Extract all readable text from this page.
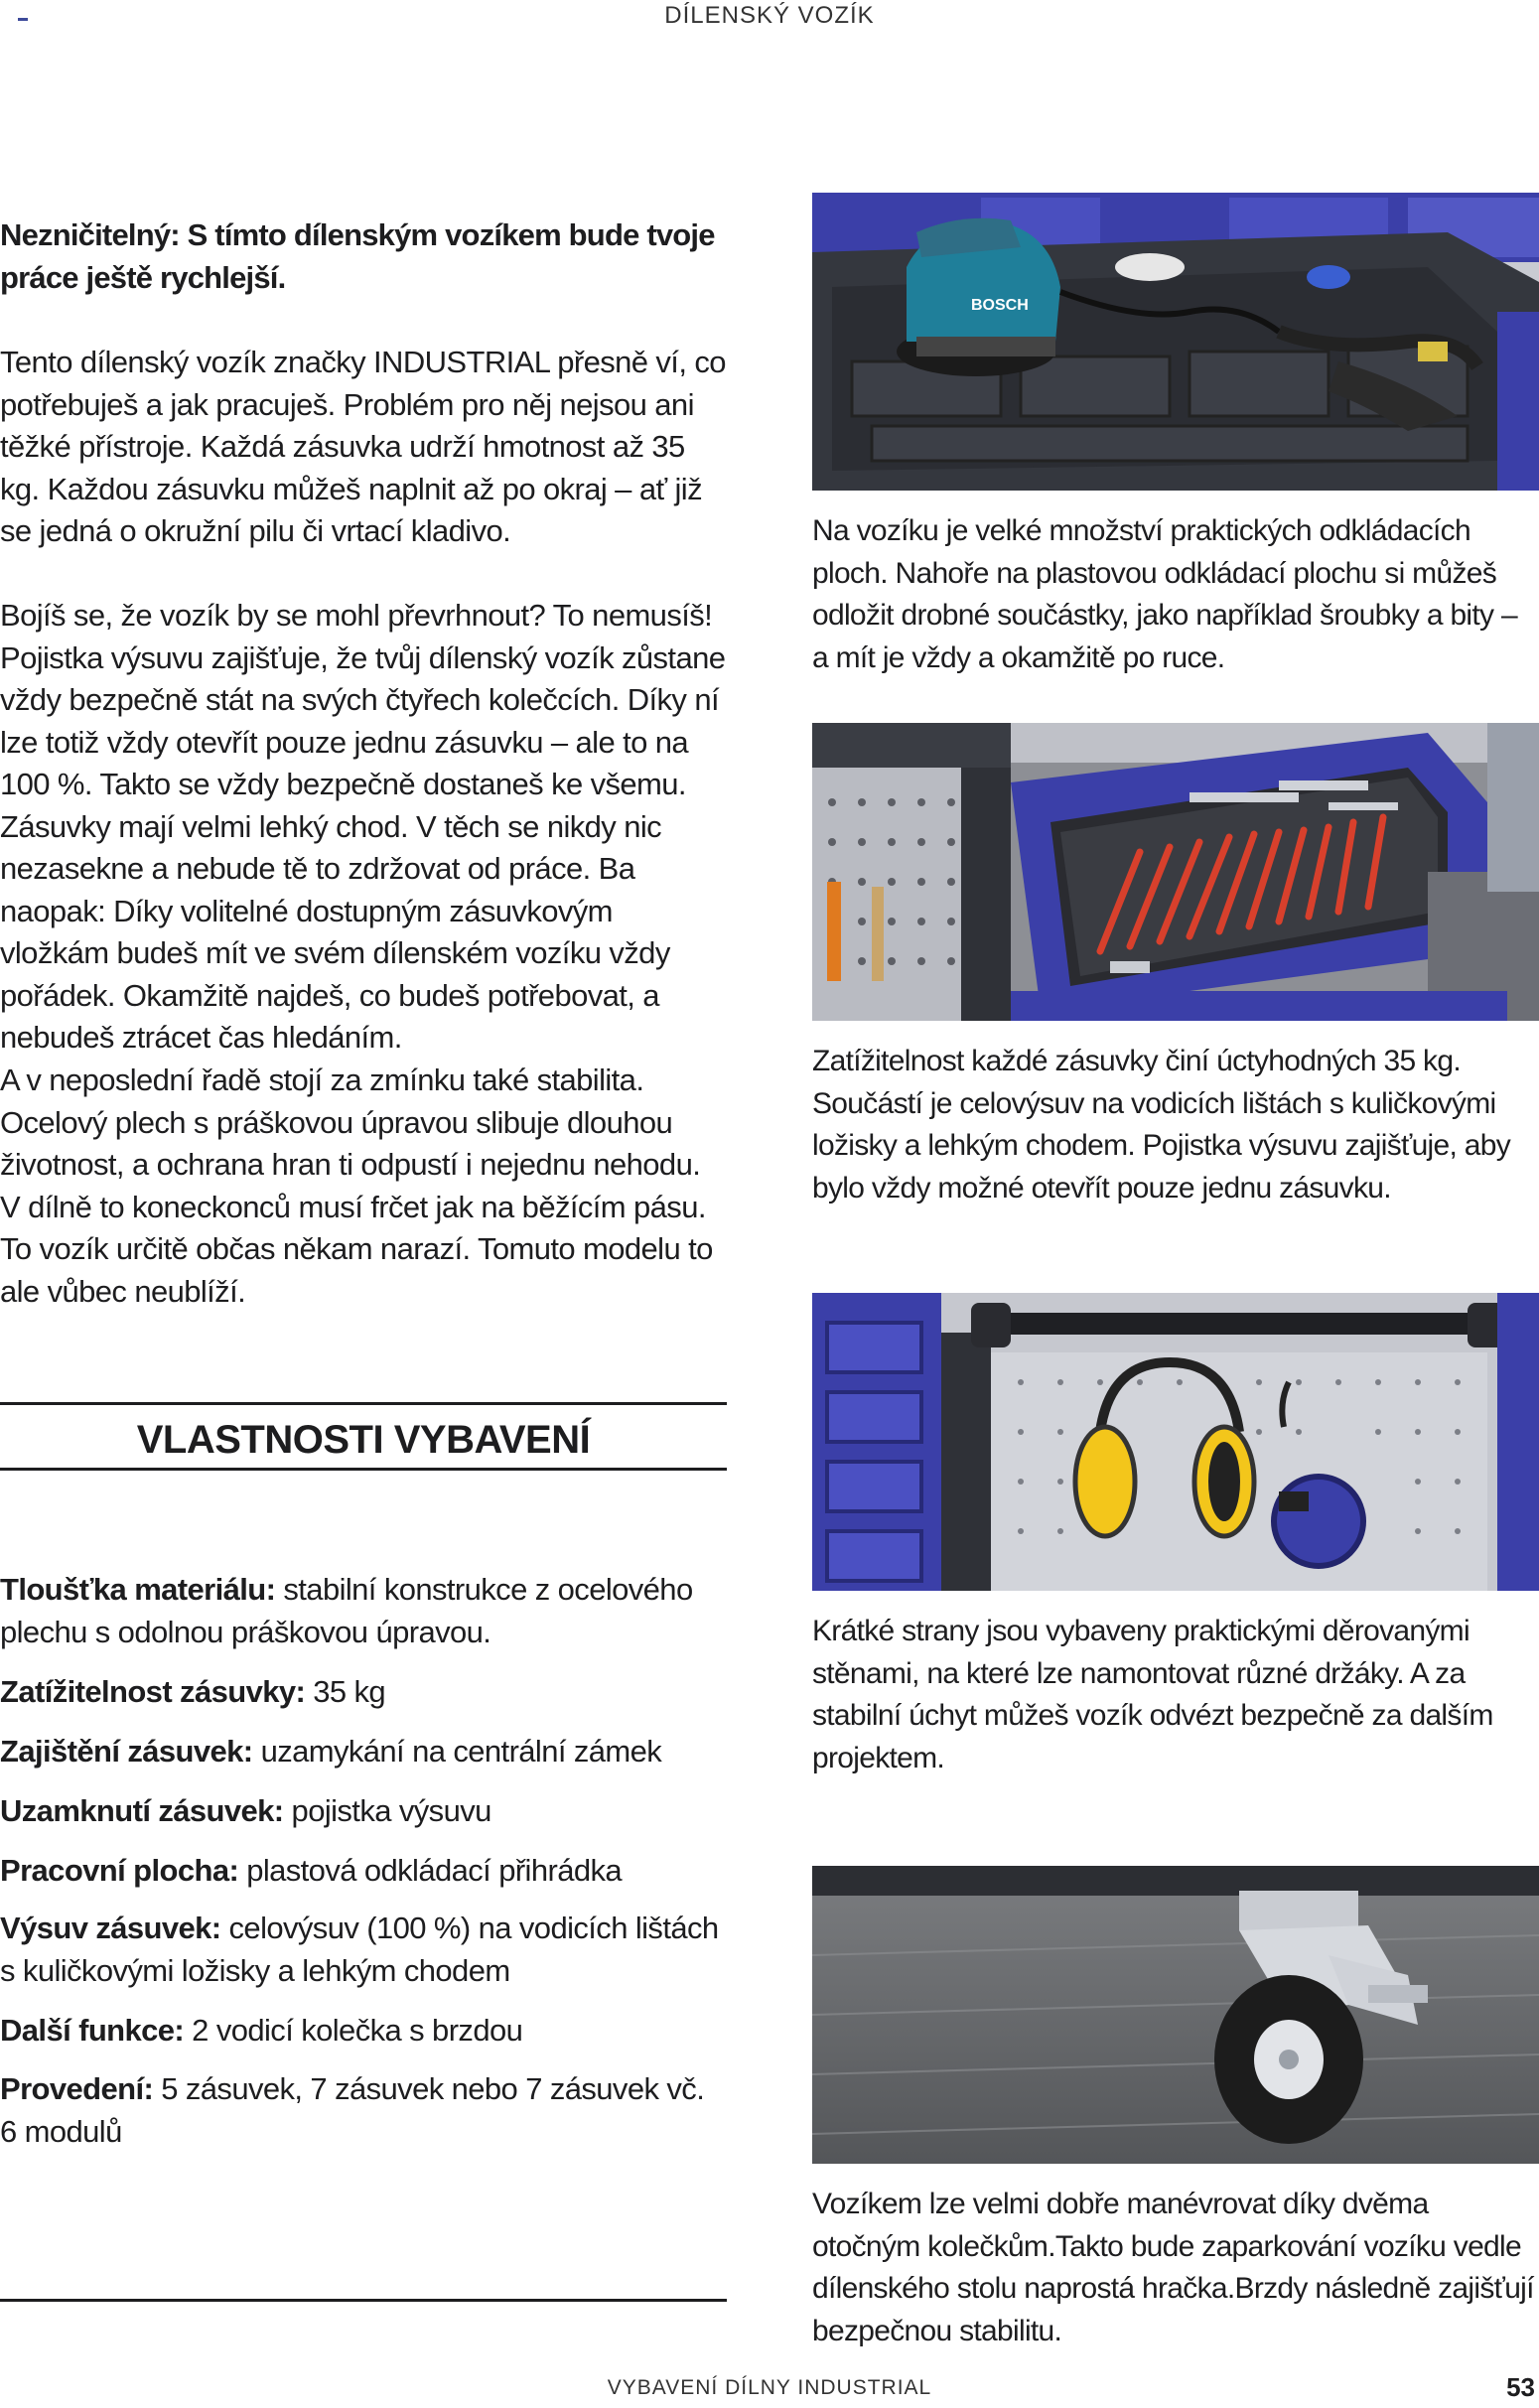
DÍLENSKÝ VOZÍK

Nezničitelný: S tímto dílenským vozíkem bude tvoje práce ještě rychlejší.

Tento dílenský vozík značky INDUSTRIAL přesně ví, co potřebuješ a jak pracuješ. Problém pro něj nejsou ani těžké přístroje. Každá zásuvka udrží hmotnost až 35 kg. Každou zásuvku můžeš naplnit až po okraj – ať již se jedná o okružní pilu či vrtací kladivo.

Bojíš se, že vozík by se mohl převrhnout? To nemusíš! Pojistka výsuvu zajišťuje, že tvůj dílenský vozík zůstane vždy bezpečně stát na svých čtyřech kolečcích. Díky ní lze totiž vždy otevřít pouze jednu zásuvku – ale to na 100 %. Takto se vždy bezpečně dostaneš ke všemu. Zásuvky mají velmi lehký chod. V těch se nikdy nic nezasekne a nebude tě to zdržovat od práce. Ba naopak: Díky volitelné dostupným zásuvkovým vložkám budeš mít ve svém dílenském vozíku vždy pořádek. Okamžitě najdeš, co budeš potřebovat, a nebudeš ztrácet čas hledáním.

A v neposlední řadě stojí za zmínku také stabilita. Ocelový plech s práškovou úpravou slibuje dlouhou životnost, a ochrana hran ti odpustí i nejednu nehodu. V dílně to koneckonců musí frčet jak na běžícím pásu. To vozík určitě občas někam narazí. Tomuto modelu to ale vůbec neublíží.

VLASTNOSTI VYBAVENÍ
Tloušťka materiálu: stabilní konstrukce z ocelového plechu s odolnou práškovou úpravou.
Zatížitelnost zásuvky: 35 kg
Zajištění zásuvek: uzamykání na centrální zámek
Uzamknutí zásuvek: pojistka výsuvu
Pracovní plocha: plastová odkládací přihrádka
Výsuv zásuvek: celovýsuv (100 %) na vodicích lištách s kuličkovými ložisky a lehkým chodem
Další funkce: 2 vodicí kolečka s brzdou
Provedení: 5 zásuvek, 7 zásuvek nebo 7 zásuvek vč. 6 modulů
BOSCH
Na vozíku je velké množství praktických odkládacích ploch. Nahoře na plastovou odkládací plochu si můžeš odložit drobné součástky, jako například šroubky a bity – a mít je vždy a okamžitě po ruce.
Zatížitelnost každé zásuvky činí úctyhodných 35 kg. Součástí je celovýsuv na vodicích lištách s kuličkovými ložisky a lehkým chodem. Pojistka výsuvu zajišťuje, aby bylo vždy možné otevřít pouze jednu zásuvku.
Krátké strany jsou vybaveny praktickými děrovanými stěnami, na které lze namontovat různé držáky. A za stabilní úchyt můžeš vozík odvézt bezpečně za dalším projektem.
Vozíkem lze velmi dobře manévrovat díky dvěma otočným kolečkům.Takto bude zaparkování vozíku vedle dílenského stolu naprostá hračka.Brzdy následně zajišťují bezpečnou stabilitu.
VYBAVENÍ DÍLNY INDUSTRIAL	53
